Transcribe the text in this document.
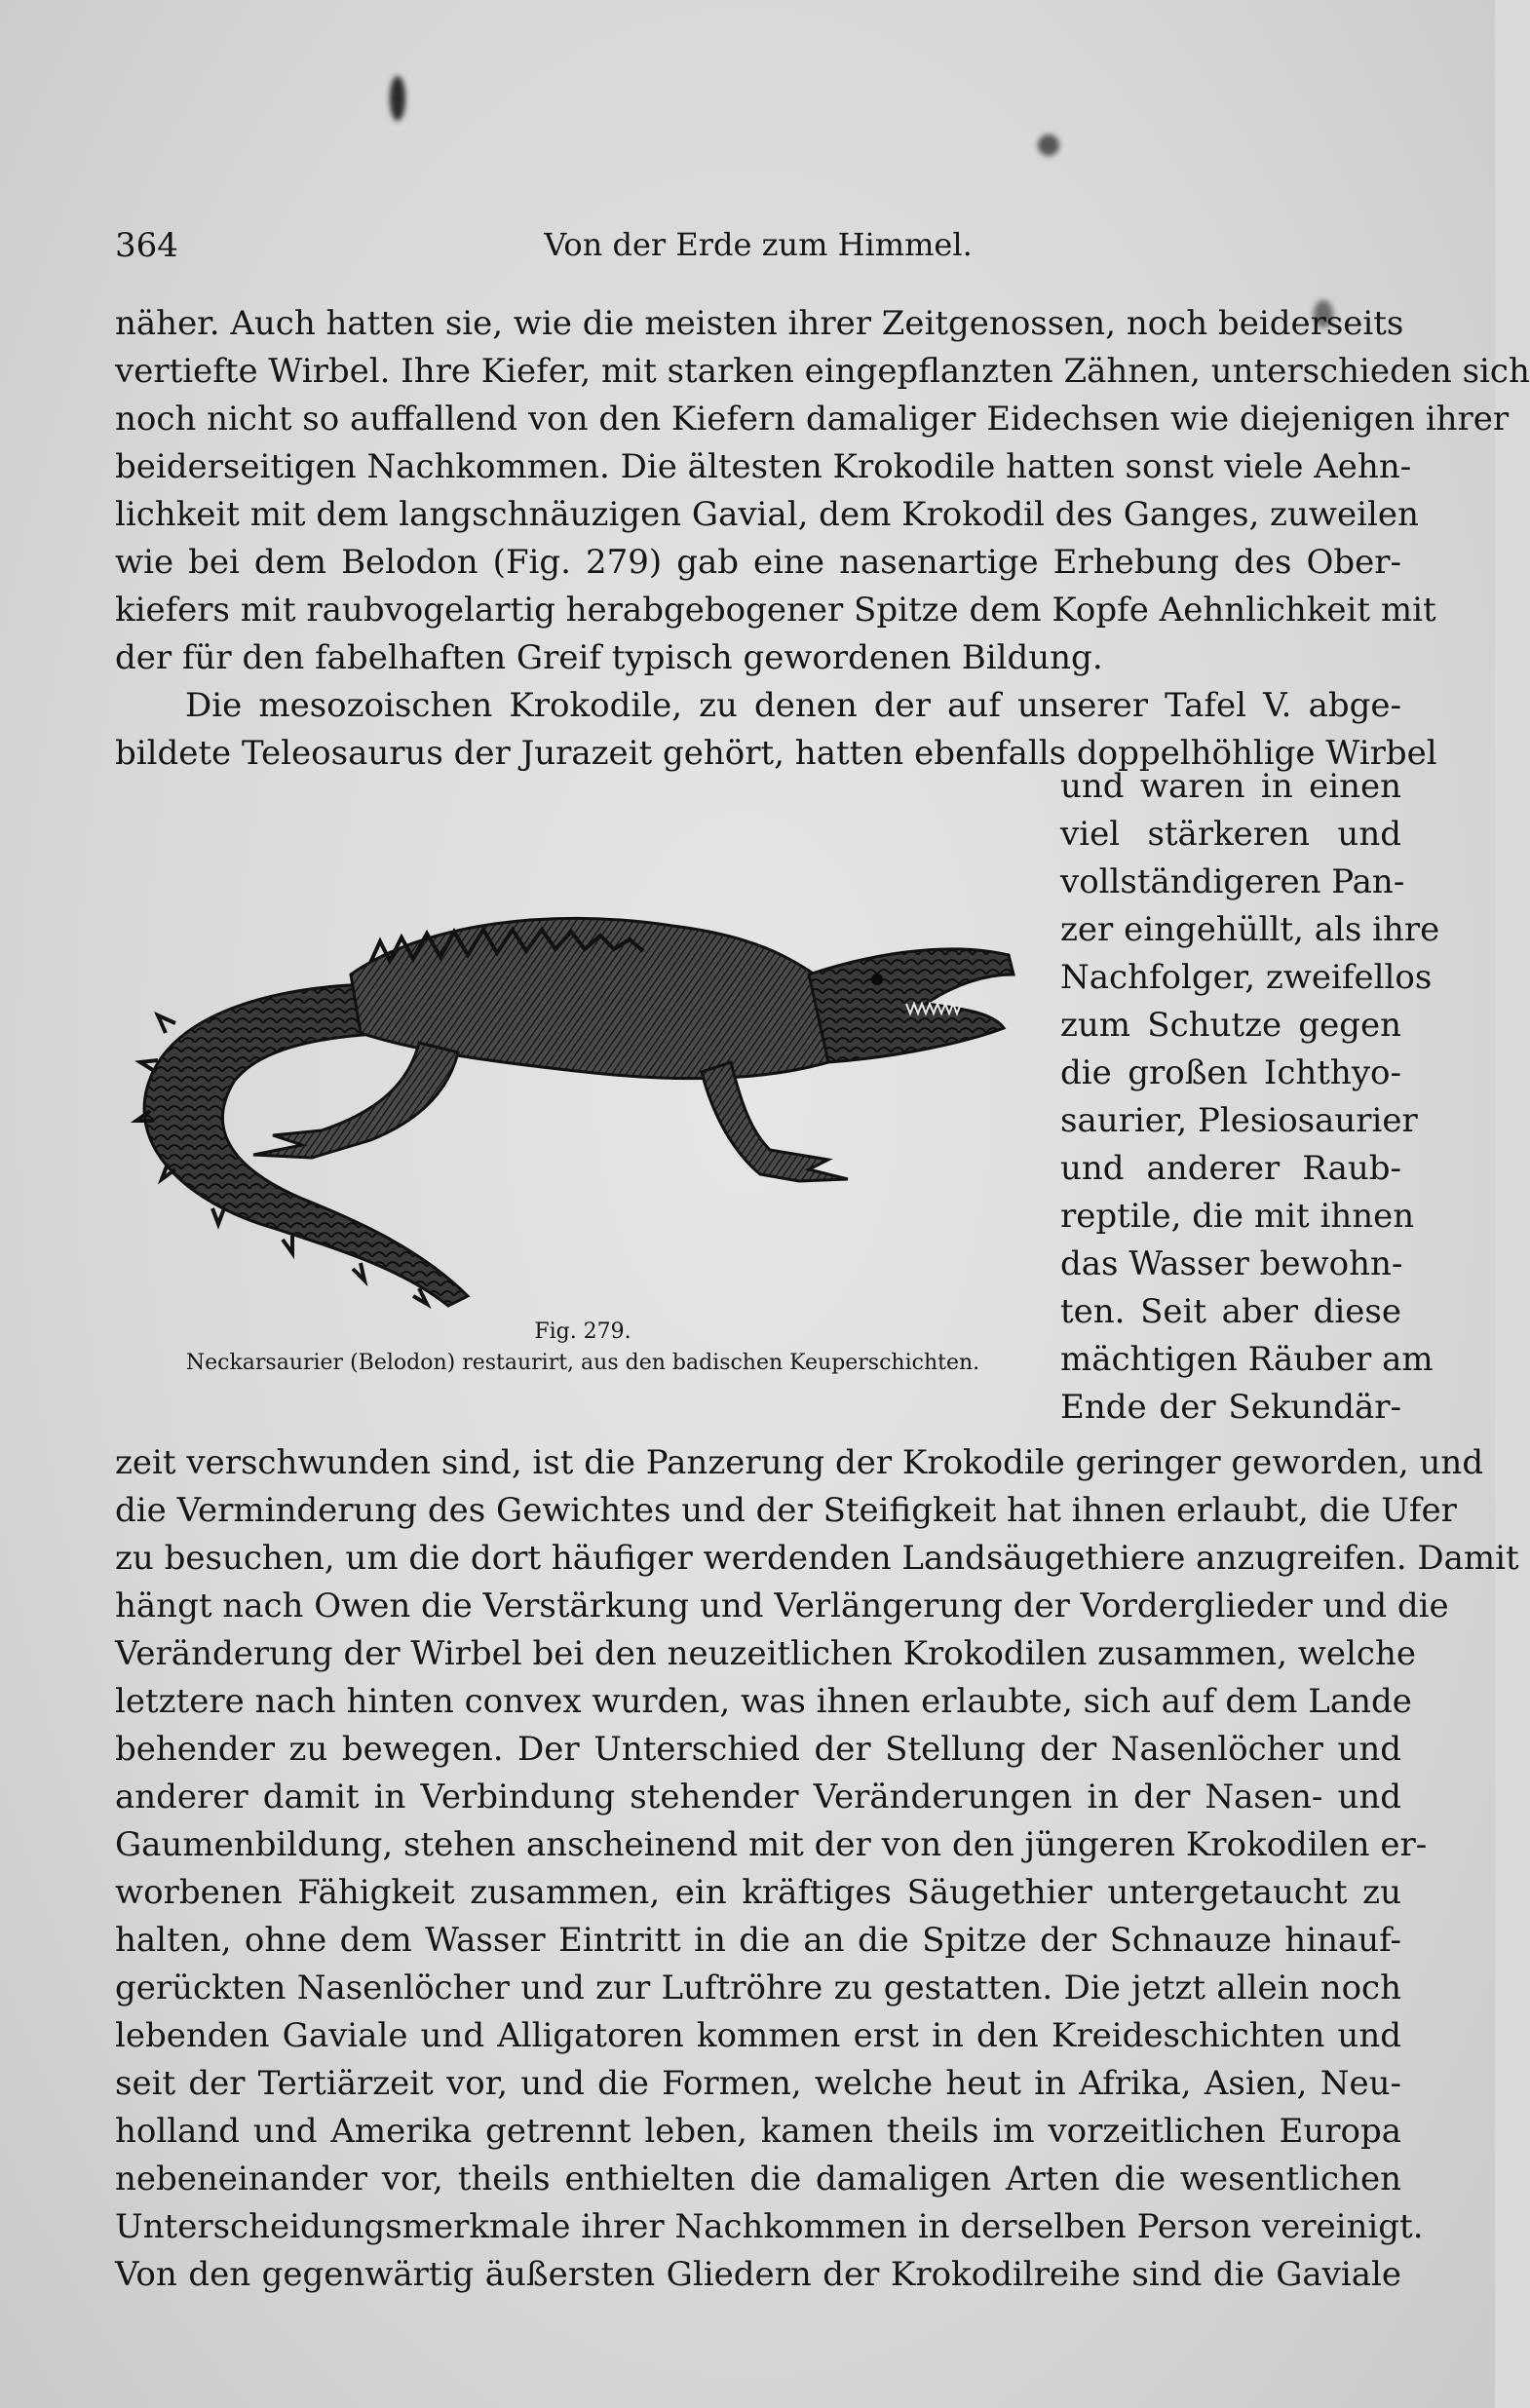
364	Von der Erde zum Himmel.
näher. Auch hatten sie, wie die meisten ihrer Zeitgenossen, noch beiderseits
vertiefte Wirbel. Ihre Kiefer, mit starken eingepflanzten Zähnen, unterschieden sich
noch nicht so auffallend von den Kiefern damaliger Eidechsen wie diejenigen ihrer
beiderseitigen Nachkommen. Die ältesten Krokodile hatten sonst viele Aehn-
lichkeit mit dem langschnäuzigen Gavial, dem Krokodil des Ganges, zuweilen
wie bei dem Belodon (Fig. 279) gab eine nasenartige Erhebung des Ober-
kiefers mit raubvogelartig herabgebogener Spitze dem Kopfe Aehnlichkeit mit
der für den fabelhaften Greif typisch gewordenen Bildung.
Die mesozoischen Krokodile, zu denen der auf unserer Tafel V. abge-
bildete Teleosaurus der Jurazeit gehört, hatten ebenfalls doppelhöhlige Wirbel
und waren in einen
viel stärkeren und
vollständigeren Pan-
zer eingehüllt, als ihre
Nachfolger, zweifellos
zum Schutze gegen
die großen Ichthyo-
saurier, Plesiosaurier
und anderer Raub-
reptile, die mit ihnen
das Wasser bewohn-
ten. Seit aber diese
mächtigen Räuber am
Ende der Sekundär-
Fig. 279.
Neckarsaurier (Belodon) restaurirt, aus den badischen Keuperschichten.
zeit verschwunden sind, ist die Panzerung der Krokodile geringer geworden, und
die Verminderung des Gewichtes und der Steifigkeit hat ihnen erlaubt, die Ufer
zu besuchen, um die dort häufiger werdenden Landsäugethiere anzugreifen. Damit
hängt nach Owen die Verstärkung und Verlängerung der Vorderglieder und die
Veränderung der Wirbel bei den neuzeitlichen Krokodilen zusammen, welche
letztere nach hinten convex wurden, was ihnen erlaubte, sich auf dem Lande
behender zu bewegen. Der Unterschied der Stellung der Nasenlöcher und
anderer damit in Verbindung stehender Veränderungen in der Nasen- und
Gaumenbildung, stehen anscheinend mit der von den jüngeren Krokodilen er-
worbenen Fähigkeit zusammen, ein kräftiges Säugethier untergetaucht zu
halten, ohne dem Wasser Eintritt in die an die Spitze der Schnauze hinauf-
gerückten Nasenlöcher und zur Luftröhre zu gestatten. Die jetzt allein noch
lebenden Gaviale und Alligatoren kommen erst in den Kreideschichten und
seit der Tertiärzeit vor, und die Formen, welche heut in Afrika, Asien, Neu-
holland und Amerika getrennt leben, kamen theils im vorzeitlichen Europa
nebeneinander vor, theils enthielten die damaligen Arten die wesentlichen
Unterscheidungsmerkmale ihrer Nachkommen in derselben Person vereinigt.
Von den gegenwärtig äußersten Gliedern der Krokodilreihe sind die Gaviale
